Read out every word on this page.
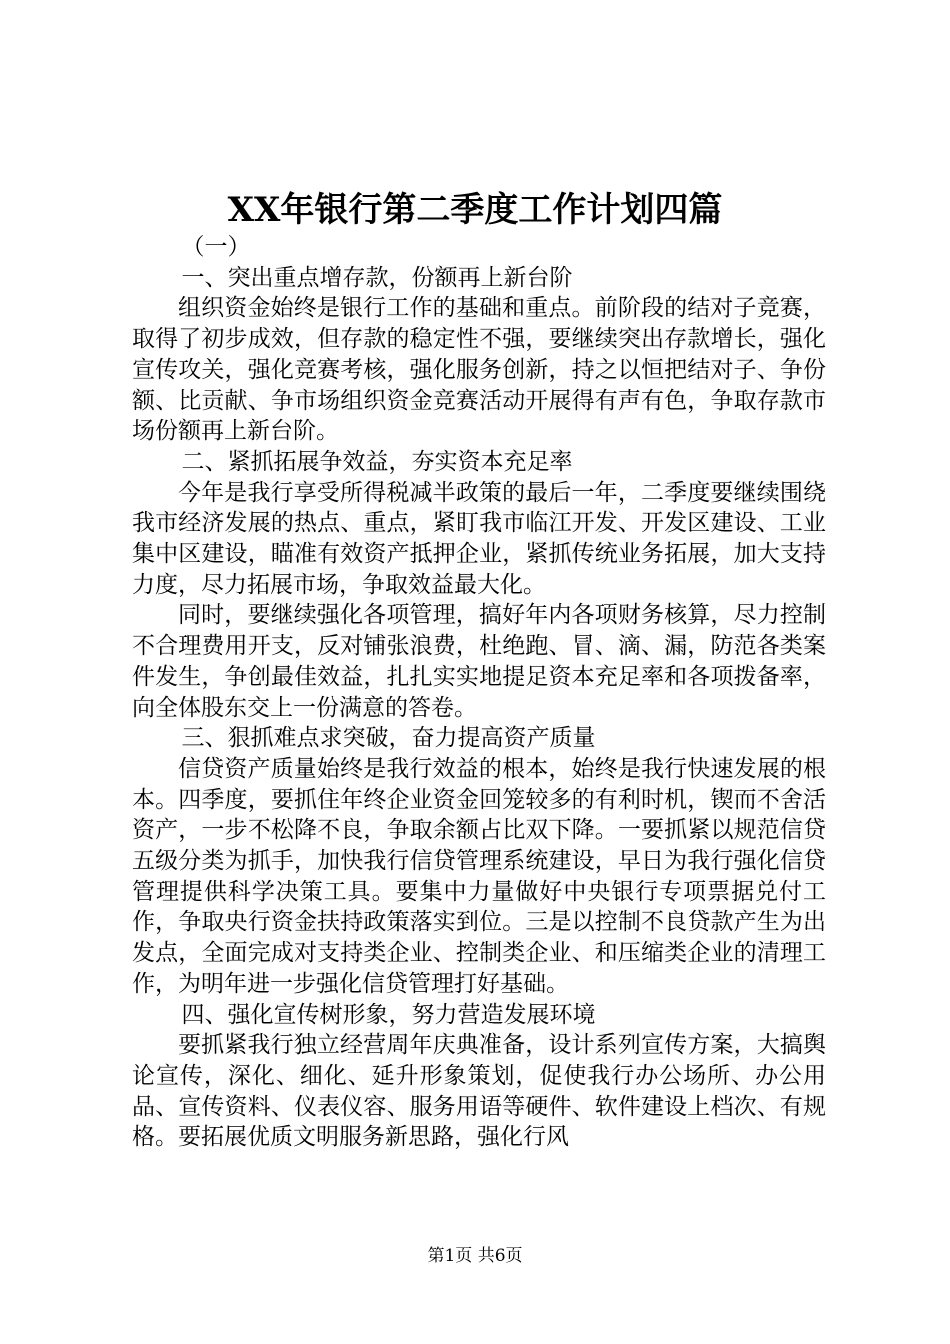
XX年银行第二季度工作计划四篇

（一）

一、突出重点增存款，份额再上新台阶

组织资金始终是银行工作的基础和重点。前阶段的结对子竞赛，取得了初步成效，但存款的稳定性不强，要继续突出存款增长，强化宣传攻关，强化竞赛考核，强化服务创新，持之以恒把结对子、争份额、比贡献、争市场组织资金竞赛活动开展得有声有色，争取存款市场份额再上新台阶。

二、紧抓拓展争效益，夯实资本充足率

今年是我行享受所得税减半政策的最后一年，二季度要继续围绕我市经济发展的热点、重点，紧盯我市临江开发、开发区建设、工业集中区建设，瞄准有效资产抵押企业，紧抓传统业务拓展，加大支持力度，尽力拓展市场，争取效益最大化。

同时，要继续强化各项管理，搞好年内各项财务核算，尽力控制不合理费用开支，反对铺张浪费，杜绝跑、冒、滴、漏，防范各类案件发生，争创最佳效益，扎扎实实地提足资本充足率和各项拨备率，向全体股东交上一份满意的答卷。

三、狠抓难点求突破，奋力提高资产质量

信贷资产质量始终是我行效益的根本，始终是我行快速发展的根本。四季度，要抓住年终企业资金回笼较多的有利时机，锲而不舍活资产，一步不松降不良，争取余额占比双下降。一要抓紧以规范信贷五级分类为抓手，加快我行信贷管理系统建设，早日为我行强化信贷管理提供科学决策工具。要集中力量做好中央银行专项票据兑付工作，争取央行资金扶持政策落实到位。三是以控制不良贷款产生为出发点，全面完成对支持类企业、控制类企业、和压缩类企业的清理工作，为明年进一步强化信贷管理打好基础。

四、强化宣传树形象，努力营造发展环境

要抓紧我行独立经营周年庆典准备，设计系列宣传方案，大搞舆论宣传，深化、细化、延升形象策划，促使我行办公场所、办公用品、宣传资料、仪表仪容、服务用语等硬件、软件建设上档次、有规格。要拓展优质文明服务新思路，强化行风

第1页 共6页
